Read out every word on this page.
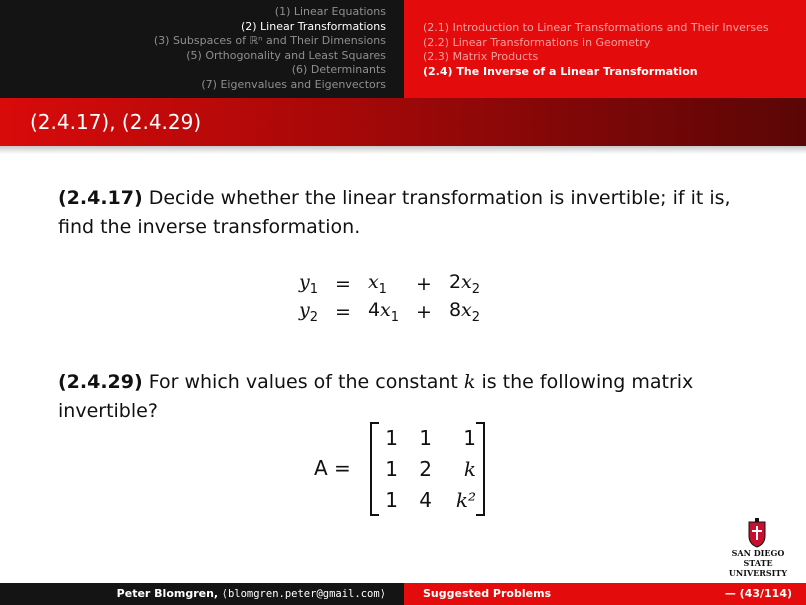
(1) Linear Equations
(2) Linear Transformations
(3) Subspaces of ℝⁿ and Their Dimensions
(5) Orthogonality and Least Squares
(6) Determinants
(7) Eigenvalues and Eigenvectors
(2.1) Introduction to Linear Transformations and Their Inverses
(2.2) Linear Transformations in Geometry
(2.3) Matrix Products
(2.4) The Inverse of a Linear Transformation
(2.4.17), (2.4.29)
(2.4.17) Decide whether the linear transformation is invertible; if it is, find the inverse transformation.
$y_1$	=	$x_1$	+	$2x_2$
$y_2$	=	$4x_1$	+	$8x_2$
(2.4.29) For which values of the constant k is the following matrix invertible?
A =
1	1	1
1	2	k
1	4	k²
SAN DIEGO STATE
UNIVERSITY
Peter Blomgren, ⟨blomgren.peter@gmail.com⟩	Suggested Problems	— (43/114)
